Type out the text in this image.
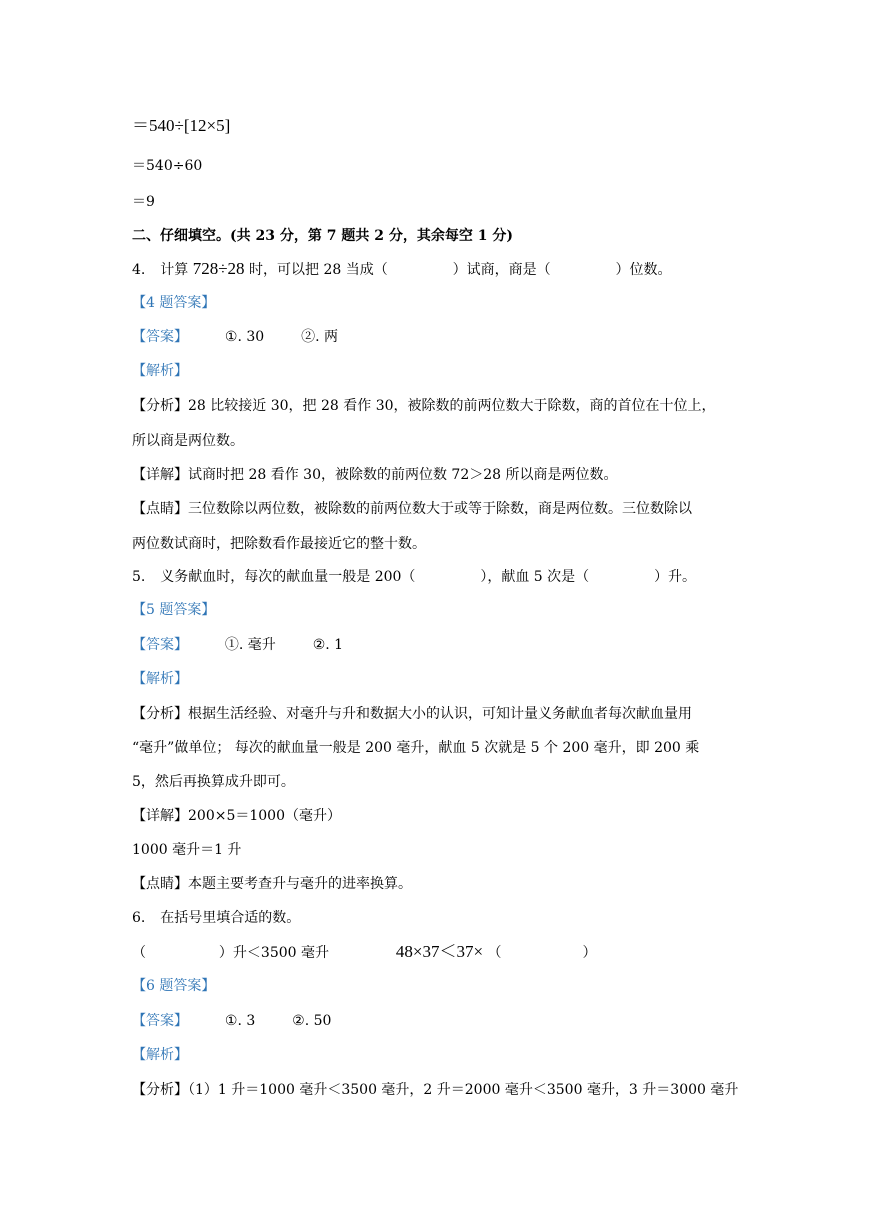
＝540÷[12×5]
＝540÷60
＝9
二、仔细填空。(共 23 分，第 7 题共 2 分，其余每空 1 分)
4. 计算 728÷28 时，可以把 28 当成（	）试商，商是（	）位数。
【4 题答案】
【答案】	①. 30	②. 两
【解析】
【分析】28 比较接近 30，把 28 看作 30，被除数的前两位数大于除数，商的首位在十位上，
所以商是两位数。
【详解】试商时把 28 看作 30，被除数的前两位数 72＞28 所以商是两位数。
【点睛】三位数除以两位数，被除数的前两位数大于或等于除数，商是两位数。三位数除以
两位数试商时，把除数看作最接近它的整十数。
5. 义务献血时，每次的献血量一般是 200（	），献血 5 次是（	）升。
【5 题答案】
【答案】	①. 毫升	②. 1
【解析】
【分析】根据生活经验、对毫升与升和数据大小的认识，可知计量义务献血者每次献血量用
“毫升”做单位； 每次的献血量一般是 200 毫升，献血 5 次就是 5 个 200 毫升，即 200 乘
5，然后再换算成升即可。
【详解】200×5＝1000（毫升）
1000 毫升＝1 升
【点睛】本题主要考查升与毫升的进率换算。
6. 在括号里填合适的数。
（	）升＜3500 毫升	48×37＜37× （	）
【6 题答案】
【答案】	①. 3	②. 50
【解析】
【分析】（1）1 升＝1000 毫升＜3500 毫升，2 升＝2000 毫升＜3500 毫升，3 升＝3000 毫升
